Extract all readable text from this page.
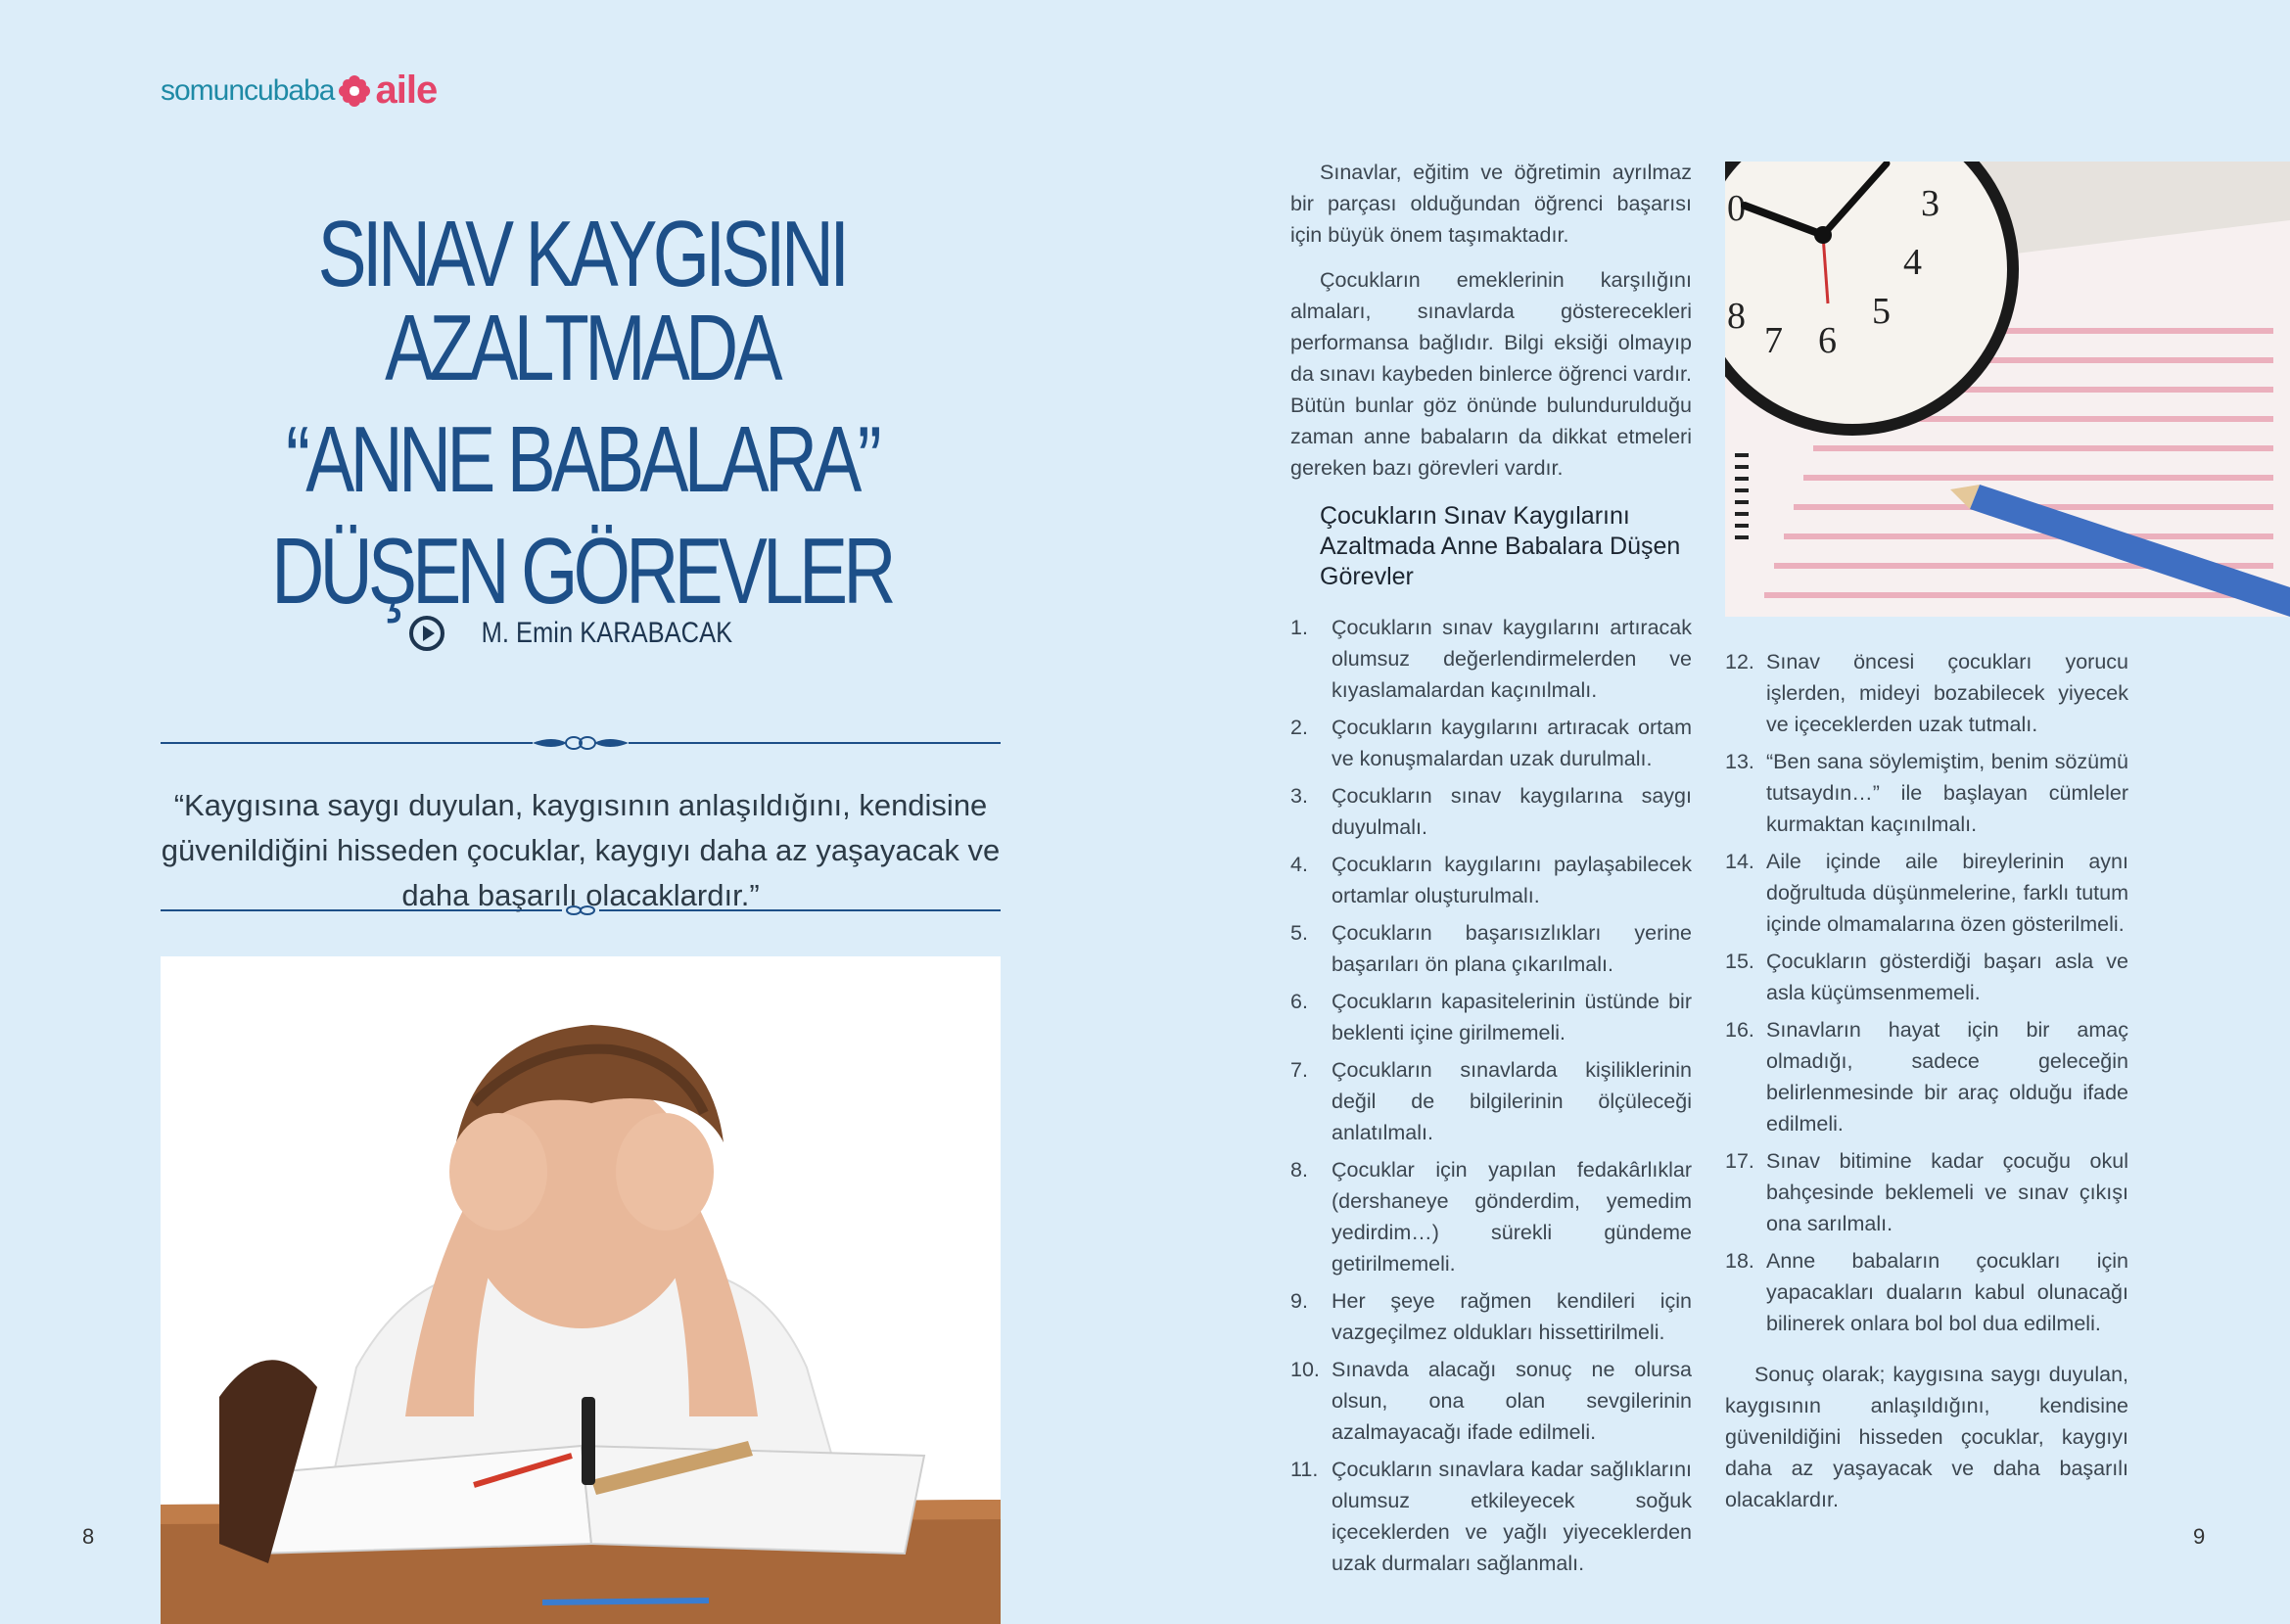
somuncubaba aile
SINAV KAYGISINI AZALTMADA
“ANNE BABALARA”
DÜŞEN GÖREVLER
M. Emin KARABACAK
“Kaygısına saygı duyulan, kaygısının anlaşıldığını, kendisine güvenildiğini hisseden çocuklar, kaygıyı daha az yaşayacak ve daha başarılı olacaklardır.”
3
4
5
6
7
8
0

Sınavlar, eğitim ve öğretimin ayrılmaz bir parçası olduğundan öğrenci başarısı için büyük önem taşımaktadır.

Çocukların emeklerinin karşılığını almaları, sınavlarda gösterecekleri performansa bağlıdır. Bilgi eksiği olmayıp da sınavı kaybeden binlerce öğrenci vardır. Bütün bunlar göz önünde bulundurulduğu zaman anne babaların da dikkat etmeleri gereken bazı görevleri vardır.

Çocukların Sınav Kaygılarını Azaltmada Anne Babalara Düşen Görevler
1.	Çocukların sınav kaygılarını artıracak olumsuz değerlendirmelerden ve kıyaslamalardan kaçınılmalı.
2.	Çocukların kaygılarını artıracak ortam ve konuşmalardan uzak durulmalı.
3.	Çocukların sınav kaygılarına saygı duyulmalı.
4.	Çocukların kaygılarını paylaşabilecek ortamlar oluşturulmalı.
5.	Çocukların başarısızlıkları yerine başarıları ön plana çıkarılmalı.
6.	Çocukların kapasitelerinin üstünde bir beklenti içine girilmemeli.
7.	Çocukların sınavlarda kişiliklerinin değil de bilgilerinin ölçüleceği anlatılmalı.
8.	Çocuklar için yapılan fedakârlıklar (dershaneye gönderdim, yemedim yedirdim…) sürekli gündeme getirilmemeli.
9.	Her şeye rağmen kendileri için vazgeçilmez oldukları hissettirilmeli.
10. Sınavda alacağı sonuç ne olursa olsun, ona olan sevgilerinin azalmayacağı ifade edilmeli.
11. Çocukların sınavlara kadar sağlıklarını olumsuz etkileyecek soğuk içeceklerden ve yağlı yiyeceklerden uzak durmaları sağlanmalı.
12. Sınav öncesi çocukları yorucu işlerden, mideyi bozabilecek yiyecek ve içeceklerden uzak tutmalı.
13. “Ben sana söylemiştim, benim sözümü tutsaydın…” ile başlayan cümleler kurmaktan kaçınılmalı.
14. Aile içinde aile bireylerinin aynı doğrultuda düşünmelerine, farklı tutum içinde olmamalarına özen gösterilmeli.
15. Çocukların gösterdiği başarı asla ve asla küçümsenmemeli.
16. Sınavların hayat için bir amaç olmadığı, sadece geleceğin belirlenmesinde bir araç olduğu ifade edilmeli.
17. Sınav bitimine kadar çocuğu okul bahçesinde beklemeli ve sınav çıkışı ona sarılmalı.
18. Anne babaların çocukları için yapacakları duaların kabul olunacağı bilinerek onlara bol bol dua edilmeli.

Sonuç olarak; kaygısına saygı duyulan, kaygısının anlaşıldığını, kendisine güvenildiğini hisseden çocuklar, kaygıyı daha az yaşayacak ve daha başarılı olacaklardır.

8	9
